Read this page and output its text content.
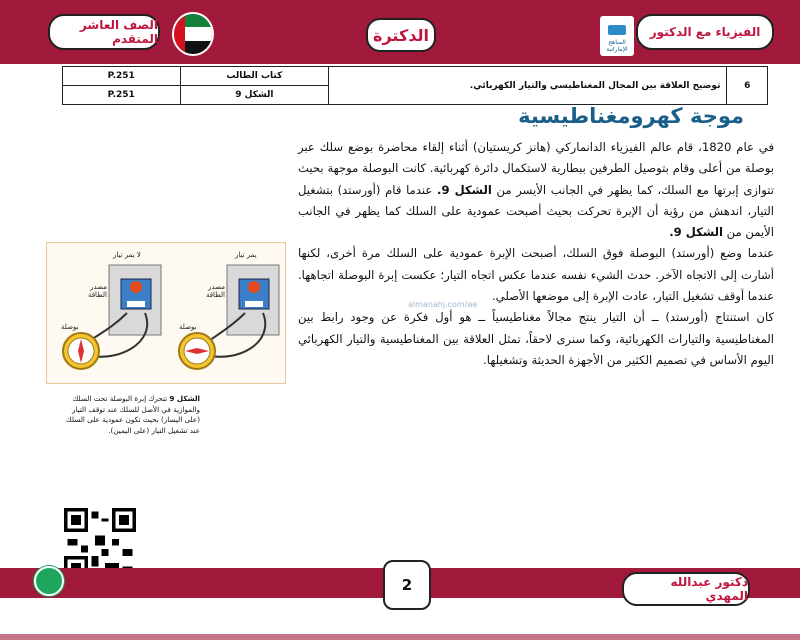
الصف العاشر المتقدم	الدكترة	المناهج الإماراتية
الفيزياء مع الدكتور
6	توضيح العلاقة بين المجال المغناطيسي والتيار الكهربائي.	كتاب الطالب	P.251
		الشكل 9	P.251
موجة كهرومغناطيسية

في عام 1820، قام عالم الفيزياء الدانماركي (هانز كريستيان) أثناء إلقاء محاضرة بوضع سلك عبر بوصلة من أعلى وقام بتوصيل الطرفين ببطارية لاستكمال دائرة كهربائية. كانت البوصلة موجهة بحيث تتوازى إبرتها مع السلك، كما يظهر في الجانب الأيسر من الشكل 9. عندما قام (أورستد) بتشغيل التيار، اندهش من رؤية أن الإبرة تحركت بحيث أصبحت عمودية على السلك كما يظهر في الجانب الأيمن من الشكل 9.

عندما وضع (أورستد) البوصلة فوق السلك، أصبحت الإبرة عمودية على السلك مرة أخرى، لكنها أشارت إلى الاتجاه الآخر. حدث الشيء نفسه عندما عكس اتجاه التيار؛ عكست إبرة البوصلة اتجاهها. عندما أوقف تشغيل التيار، عادت الإبرة إلى موضعها الأصلي.

كان استنتاج (أورستد) ــ أن التيار ينتج مجالاً مغناطيسياً ــ هو أول فكرة عن وجود رابط بين المغناطيسية والتيارات الكهربائية، وكما سنرى لاحقاً، تمثل العلاقة بين المغناطيسية والتيار الكهربائي اليوم الأساس في تصميم الكثير من الأجهزة الحديثة وتشغيلها.

almanahj.com/ae
لا يمر تيار	يمر تيار
مصدر الطاقة
مصدر الطاقة
بوصلة	بوصلة

الشكل 9 تتحرك إبرة البوصلة تحت السلك والموازية في الأصل للسلك عند توقف التيار (على اليسار) بحيث تكون عمودية على السلك عند تشغيل التيار (على اليمين).

2	دكتور عبدالله المهدي
